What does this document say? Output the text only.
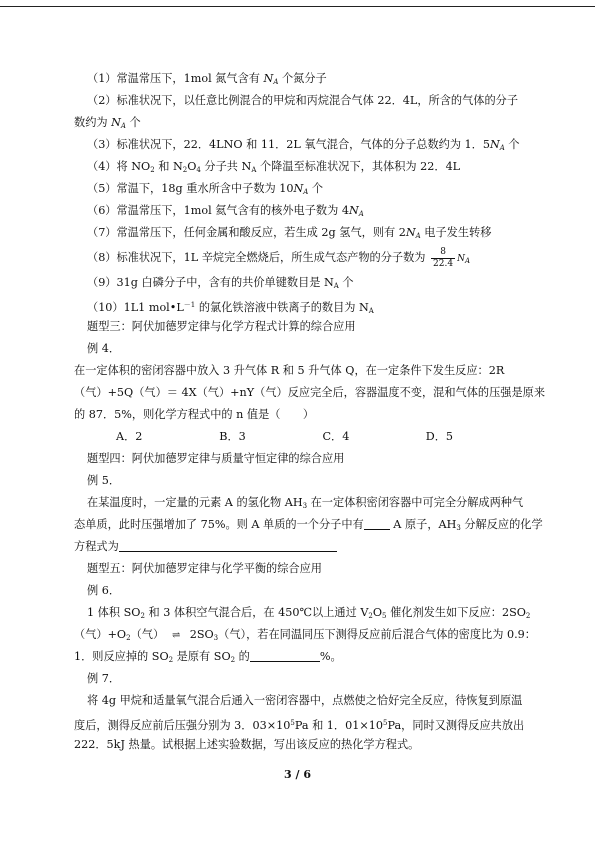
（1）常温常压下，1mol 氮气含有 $N_A$ 个氮分子
（2）标准状况下，以任意比例混合的甲烷和丙烷混合气体 22．4L，所含的气体的分子
数约为 $N_A$ 个
（3）标准状况下，22．4LNO 和 11．2L 氧气混合，气体的分子总数约为 1．$5N_A$ 个
（4）将 $NO_2$ 和 $N_2O_4$ 分子共 $N_A$ 个降温至标准状况下，其体积为 22．4L
（5）常温下，18g 重水所含中子数为 $10N_A$ 个
（6）常温常压下，1mol 氦气含有的核外电子数为 $4N_A$
（7）常温常压下，任何金属和酸反应，若生成 2g 氢气，则有 $2N_A$ 电子发生转移
（8）标准状况下，1L 辛烷完全燃烧后，所生成气态产物的分子数为 $\frac{8}{22.4} N_A$
（9）31g 白磷分子中，含有的共价单键数目是 $N_A$ 个
（10）1L1 $mol•L^{-1}$ 的氯化铁溶液中铁离子的数目为 $N_A$
题型三：阿伏加德罗定律与化学方程式计算的综合应用
例 4．
在一定体积的密闭容器中放入 3 升气体 R 和 5 升气体 Q，在一定条件下发生反应：2R
（气）+5Q（气）＝ 4X（气）+nY（气）反应完全后，容器温度不变，混和气体的压强是原来
的 87．5%，则化学方程式中的 n 值是（　　）
A．2	B．3	C．4	D．5
题型四：阿伏加德罗定律与质量守恒定律的综合应用
例 5．
在某温度时，一定量的元素 A 的氢化物 $AH_3$ 在一定体积密闭容器中可完全分解成两种气
态单质，此时压强增加了 75%。则 A 单质的一个分子中有 A 原子，$AH_3$ 分解反应的化学
方程式为
题型五：阿伏加德罗定律与化学平衡的综合应用
例 6．
1 体积 $SO_2$ 和 3 体积空气混合后，在 450℃以上通过 $V_2O_5$ 催化剂发生如下反应：$2SO_2$
（气）$+O_2$（气） ⇌ $2SO_3$（气），若在同温同压下测得反应前后混合气体的密度比为 0.9：
1．则反应掉的 $SO_2$ 是原有 $SO_2$ 的	%。
例 7．
将 4g 甲烷和适量氧气混合后通入一密闭容器中，点燃使之恰好完全反应，待恢复到原温
度后，测得反应前后压强分别为 3．$03\times 10^5Pa$ 和 1．$01\times 10^5Pa$，同时又测得反应共放出
222．5kJ 热量。试根据上述实验数据，写出该反应的热化学方程式。
3 / 6
